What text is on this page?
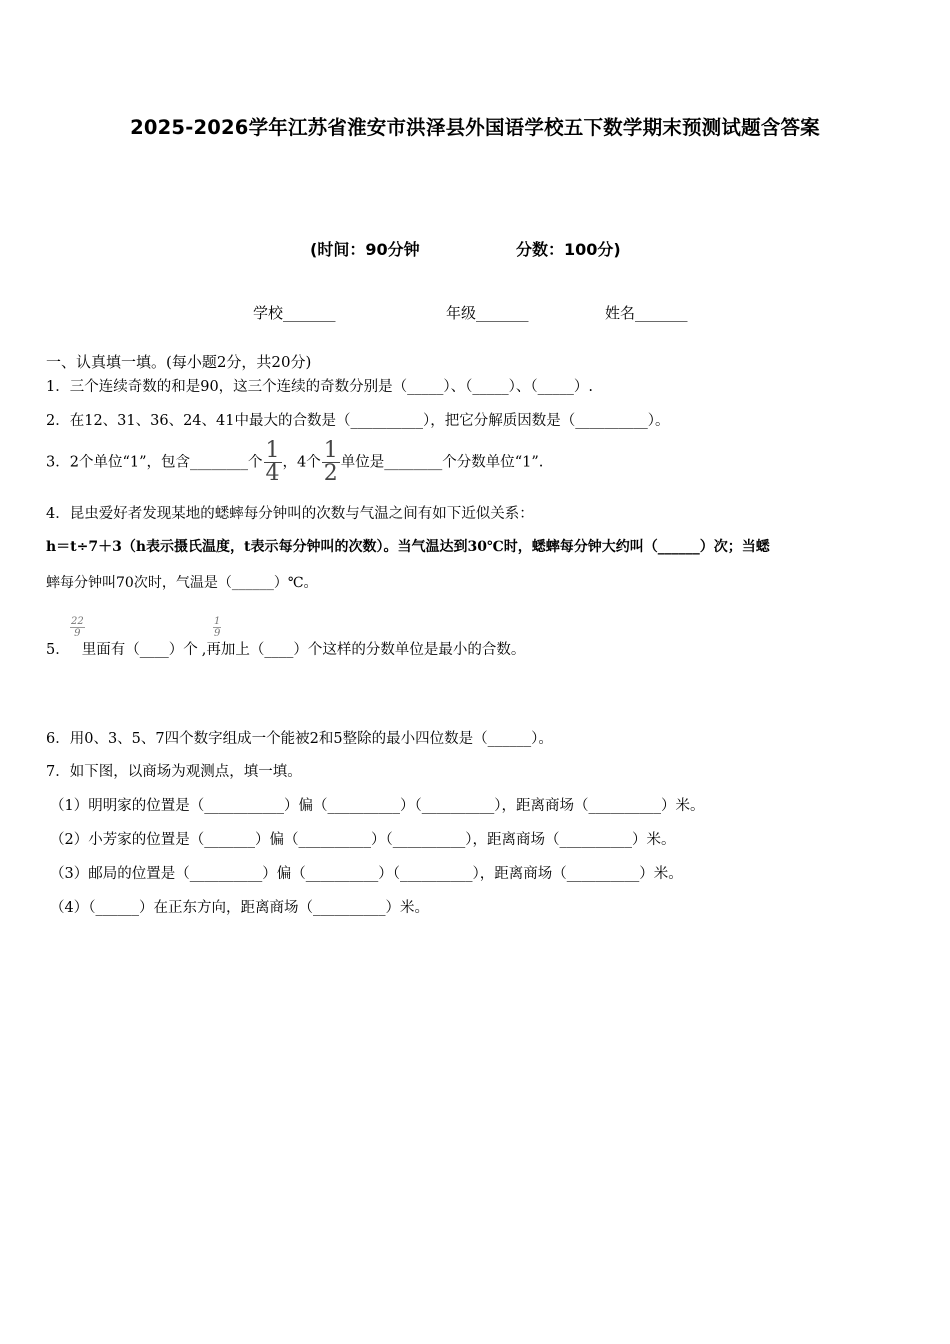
2025-2026学年江苏省淮安市洪泽县外国语学校五下数学期末预测试题含答案
(时间：90分钟	分数：100分)
学校_______	年级_______	姓名_______
一、认真填一填。(每小题2分，共20分)
1．三个连续奇数的和是90，这三个连续的奇数分别是（_____）、（_____）、（_____）.
2．在12、31、36、24、41中最大的合数是（__________），把它分解质因数是（__________）。
3．2个单位“1”，包含________个 $\frac{1}{4}$ ，4个 $\frac{1}{2}$ 单位是________个分数单位“1”.
4．昆虫爱好者发现某地的蟋蟀每分钟叫的次数与气温之间有如下近似关系：
h＝t÷7＋3（h表示摄氏温度，t表示每分钟叫的次数）。当气温达到30℃时，蟋蟀每分钟大约叫（______）次；当蟋
蟀每分钟叫70次时，气温是（______）℃。
22
9
1
9
5． 里面有（____）个 ,再加上（____）个这样的分数单位是最小的合数。
6．用0、3、5、7四个数字组成一个能被2和5整除的最小四位数是（______）。
7．如下图，以商场为观测点，填一填。
（1）明明家的位置是（___________）偏（__________）（__________），距离商场（__________）米。
（2）小芳家的位置是（_______）偏（__________）（__________），距离商场（__________）米。
（3）邮局的位置是（__________）偏（__________）（__________），距离商场（__________）米。
（4）（______）在正东方向，距离商场（__________）米。
